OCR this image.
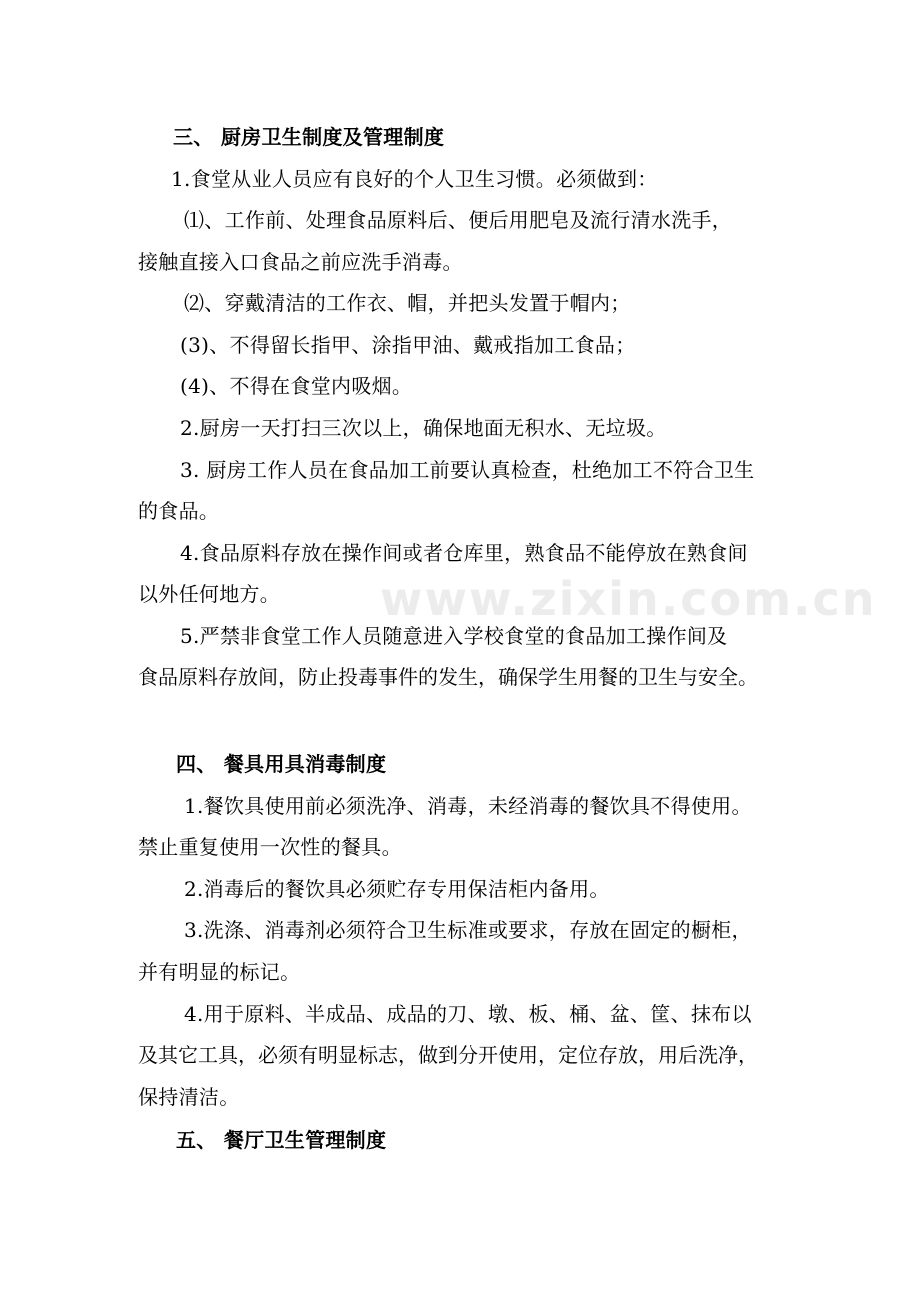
www.zixin.com.cn
三、 厨房卫生制度及管理制度
1.食堂从业人员应有良好的个人卫生习惯。必须做到：
⑴、工作前、处理食品原料后、便后用肥皂及流行清水洗手，
接触直接入口食品之前应洗手消毒。
⑵、穿戴清洁的工作衣、帽，并把头发置于帽内；
(3)、不得留长指甲、涂指甲油、戴戒指加工食品；
(4)、不得在食堂内吸烟。
2.厨房一天打扫三次以上，确保地面无积水、无垃圾。
3. 厨房工作人员在食品加工前要认真检查，杜绝加工不符合卫生
的食品。
4.食品原料存放在操作间或者仓库里，熟食品不能停放在熟食间
以外任何地方。
5.严禁非食堂工作人员随意进入学校食堂的食品加工操作间及
食品原料存放间，防止投毒事件的发生，确保学生用餐的卫生与安全。
四、 餐具用具消毒制度
1.餐饮具使用前必须洗净、消毒，未经消毒的餐饮具不得使用。
禁止重复使用一次性的餐具。
2.消毒后的餐饮具必须贮存专用保洁柜内备用。
3.洗涤、消毒剂必须符合卫生标准或要求，存放在固定的橱柜，
并有明显的标记。
4.用于原料、半成品、成品的刀、墩、板、桶、盆、筐、抹布以
及其它工具，必须有明显标志，做到分开使用，定位存放，用后洗净，
保持清洁。
五、 餐厅卫生管理制度
